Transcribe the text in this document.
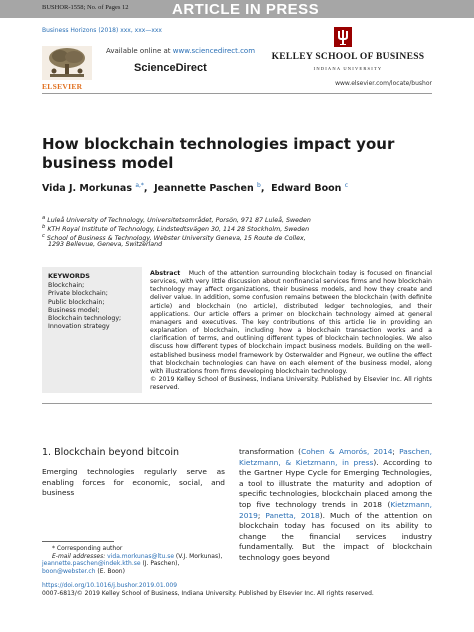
BUSHOR-1558; No. of Pages 12	ARTICLE IN PRESS
Business Horizons (2018) xxx, xxx—xxx
ELSEVIER
Available online at www.sciencedirect.com
ScienceDirect
KELLEY SCHOOL OF BUSINESS
INDIANA UNIVERSITY
www.elsevier.com/locate/bushor
How blockchain technologies impact your business model
Vida J. Morkunas $^{a,*}$,  Jeannette Paschen $^b$,  Edward Boon $^c$
$^a$ Luleå University of Technology, Universitetsområdet, Porsön, 971 87 Luleå, Sweden
$^b$ KTH Royal Institute of Technology, Lindstedtsvägen 30, 114 28 Stockholm, Sweden
$^c$ School of Business & Technology, Webster University Geneva, 15 Route de Collex,
1293 Bellevue, Geneva, Switzerland
KEYWORDS
Blockchain;
Private blockchain;
Public blockchain;
Business model;
Blockchain technology;
Innovation strategy
Abstract Much of the attention surrounding blockchain today is focused on financial services, with very little discussion about nonfinancial services firms and how blockchain technology may affect organizations, their business models, and how they create and deliver value. In addition, some confusion remains between the blockchain (with definite article) and blockchain (no article), distributed ledger technologies, and their applications. Our article offers a primer on blockchain technology aimed at general managers and executives. The key contributions of this article lie in providing an explanation of blockchain, including how a blockchain transaction works and a clarification of terms, and outlining different types of blockchain technologies. We also discuss how different types of blockchain impact business models. Building on the well-established business model framework by Osterwalder and Pigneur, we outline the effect that blockchain technologies can have on each element of the business model, along with illustrations from firms developing blockchain technology.
© 2019 Kelley School of Business, Indiana University. Published by Elsevier Inc. All rights reserved.
1. Blockchain beyond bitcoin
Emerging technologies regularly serve as enabling forces for economic, social, and business
transformation (Cohen & Amorós, 2014; Paschen, Kietzmann, & Kietzmann, in press). According to the Gartner Hype Cycle for Emerging Technologies, a tool to illustrate the maturity and adoption of specific technologies, blockchain placed among the top five technology trends in 2018 (Kietzmann, 2019; Panetta, 2018). Much of the attention on blockchain today has focused on its ability to change the financial services industry fundamentally. But the impact of blockchain technology goes beyond
* Corresponding author
E-mail addresses: vida.morkunas@ltu.se (V.J. Morkunas),
jeannette.paschen@indek.kth.se (J. Paschen),
boon@webster.ch (E. Boon)
https://doi.org/10.1016/j.bushor.2019.01.009
0007-6813/© 2019 Kelley School of Business, Indiana University. Published by Elsevier Inc. All rights reserved.
